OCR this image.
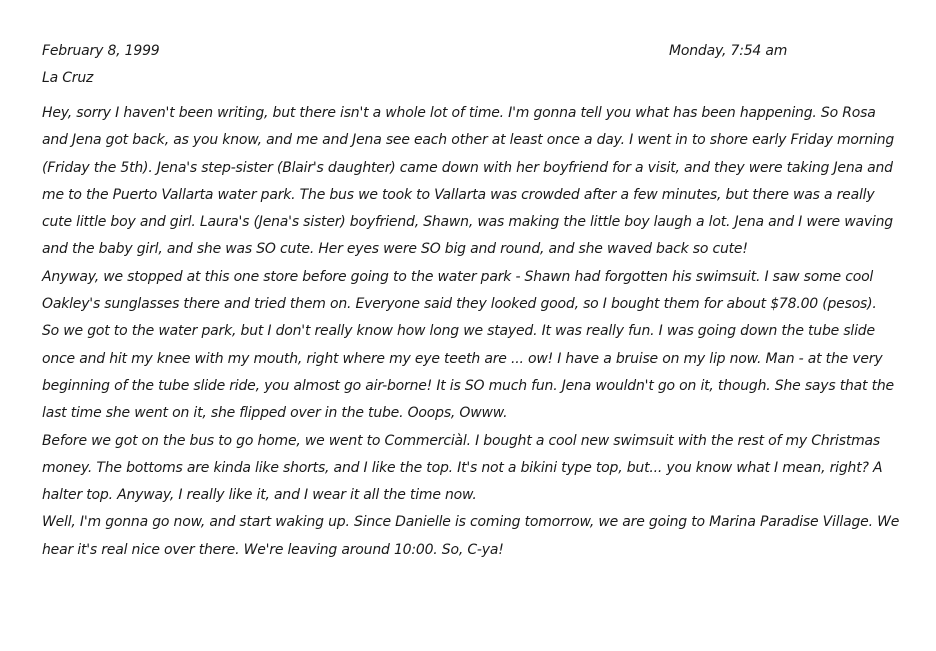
February 8, 1999	Monday, 7:54 am
La Cruz

Hey, sorry I haven't been writing, but there isn't a whole lot of time. I'm gonna tell you what has been happening. So Rosa and Jena got back, as you know, and me and Jena see each other at least once a day. I went in to shore early Friday morning (Friday the 5th). Jena's step-sister (Blair's daughter) came down with her boyfriend for a visit, and they were taking Jena and me to the Puerto Vallarta water park. The bus we took to Vallarta was crowded after a few minutes, but there was a really cute little boy and girl. Laura's (Jena's sister) boyfriend, Shawn, was making the little boy laugh a lot. Jena and I were waving and the baby girl, and she was SO cute. Her eyes were SO big and round, and she waved back so cute!

Anyway, we stopped at this one store before going to the water park - Shawn had forgotten his swimsuit. I saw some cool Oakley's sunglasses there and tried them on. Everyone said they looked good, so I bought them for about $78.00 (pesos).

So we got to the water park, but I don't really know how long we stayed. It was really fun. I was going down the tube slide once and hit my knee with my mouth, right where my eye teeth are ... ow! I have a bruise on my lip now. Man - at the very beginning of the tube slide ride, you almost go air-borne! It is SO much fun. Jena wouldn't go on it, though. She says that the last time she went on it, she flipped over in the tube. Ooops, Owww.

Before we got on the bus to go home, we went to Commerciàl. I bought a cool new swimsuit with the rest of my Christmas money. The bottoms are kinda like shorts, and I like the top. It's not a bikini type top, but... you know what I mean, right? A halter top. Anyway, I really like it, and I wear it all the time now.

Well, I'm gonna go now, and start waking up. Since Danielle is coming tomorrow, we are going to Marina Paradise Village. We hear it's real nice over there. We're leaving around 10:00. So, C-ya!
